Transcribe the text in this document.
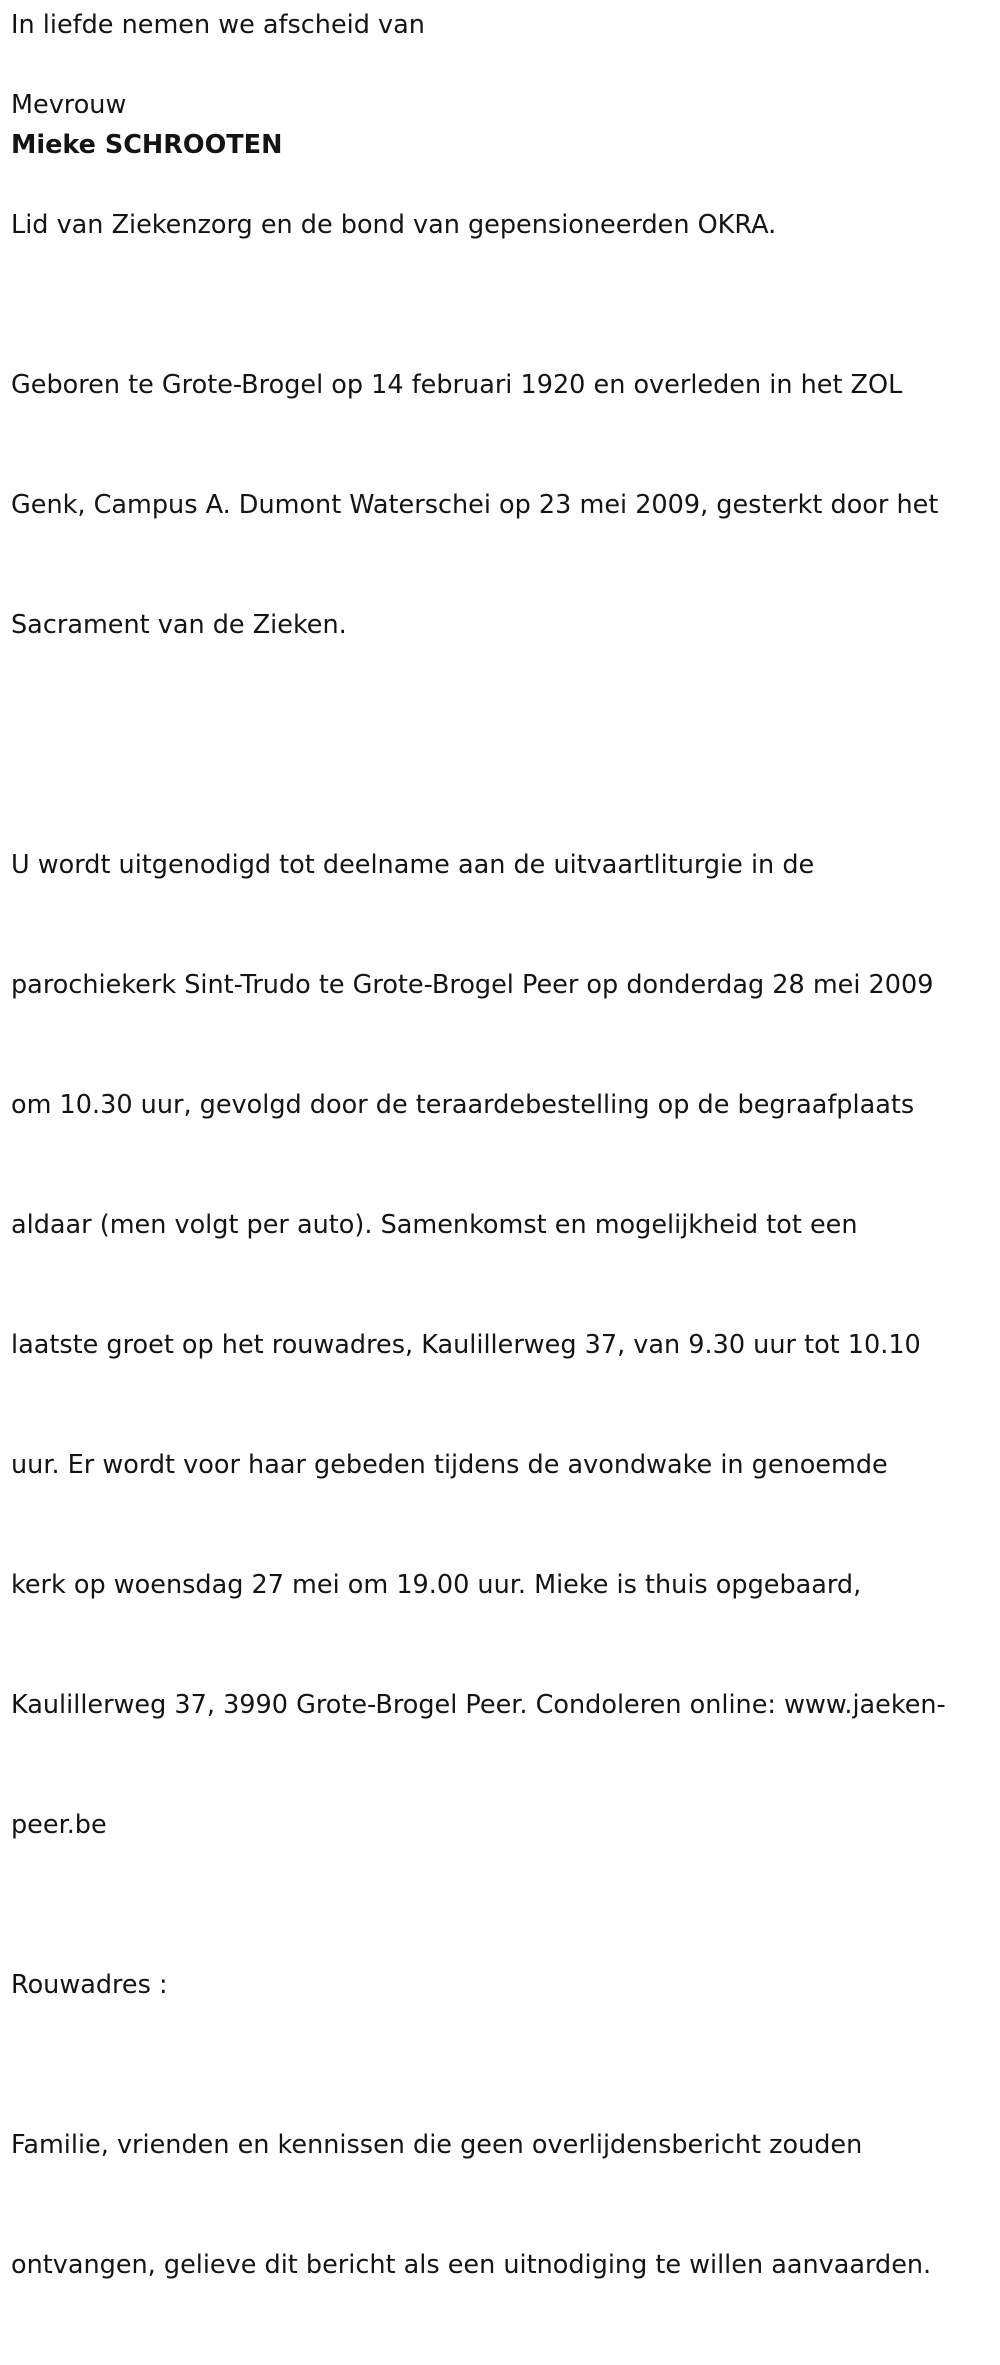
In liefde nemen we afscheid van

Mevrouw

Mieke SCHROOTEN

Lid van Ziekenzorg en de bond van gepensioneerden OKRA.

Geboren te Grote-Brogel op 14 februari 1920 en overleden in het ZOL

Genk, Campus A. Dumont Waterschei op 23 mei 2009, gesterkt door het

Sacrament van de Zieken.

U wordt uitgenodigd tot deelname aan de uitvaartliturgie in de

parochiekerk Sint-Trudo te Grote-Brogel Peer op donderdag 28 mei 2009

om 10.30 uur, gevolgd door de teraardebestelling op de begraafplaats

aldaar (men volgt per auto). Samenkomst en mogelijkheid tot een

laatste groet op het rouwadres, Kaulillerweg 37, van 9.30 uur tot 10.10

uur. Er wordt voor haar gebeden tijdens de avondwake in genoemde

kerk op woensdag 27 mei om 19.00 uur. Mieke is thuis opgebaard,

Kaulillerweg 37, 3990 Grote-Brogel Peer. Condoleren online: www.jaeken-

peer.be

Rouwadres :

Familie, vrienden en kennissen die geen overlijdensbericht zouden

ontvangen, gelieve dit bericht als een uitnodiging te willen aanvaarden.
